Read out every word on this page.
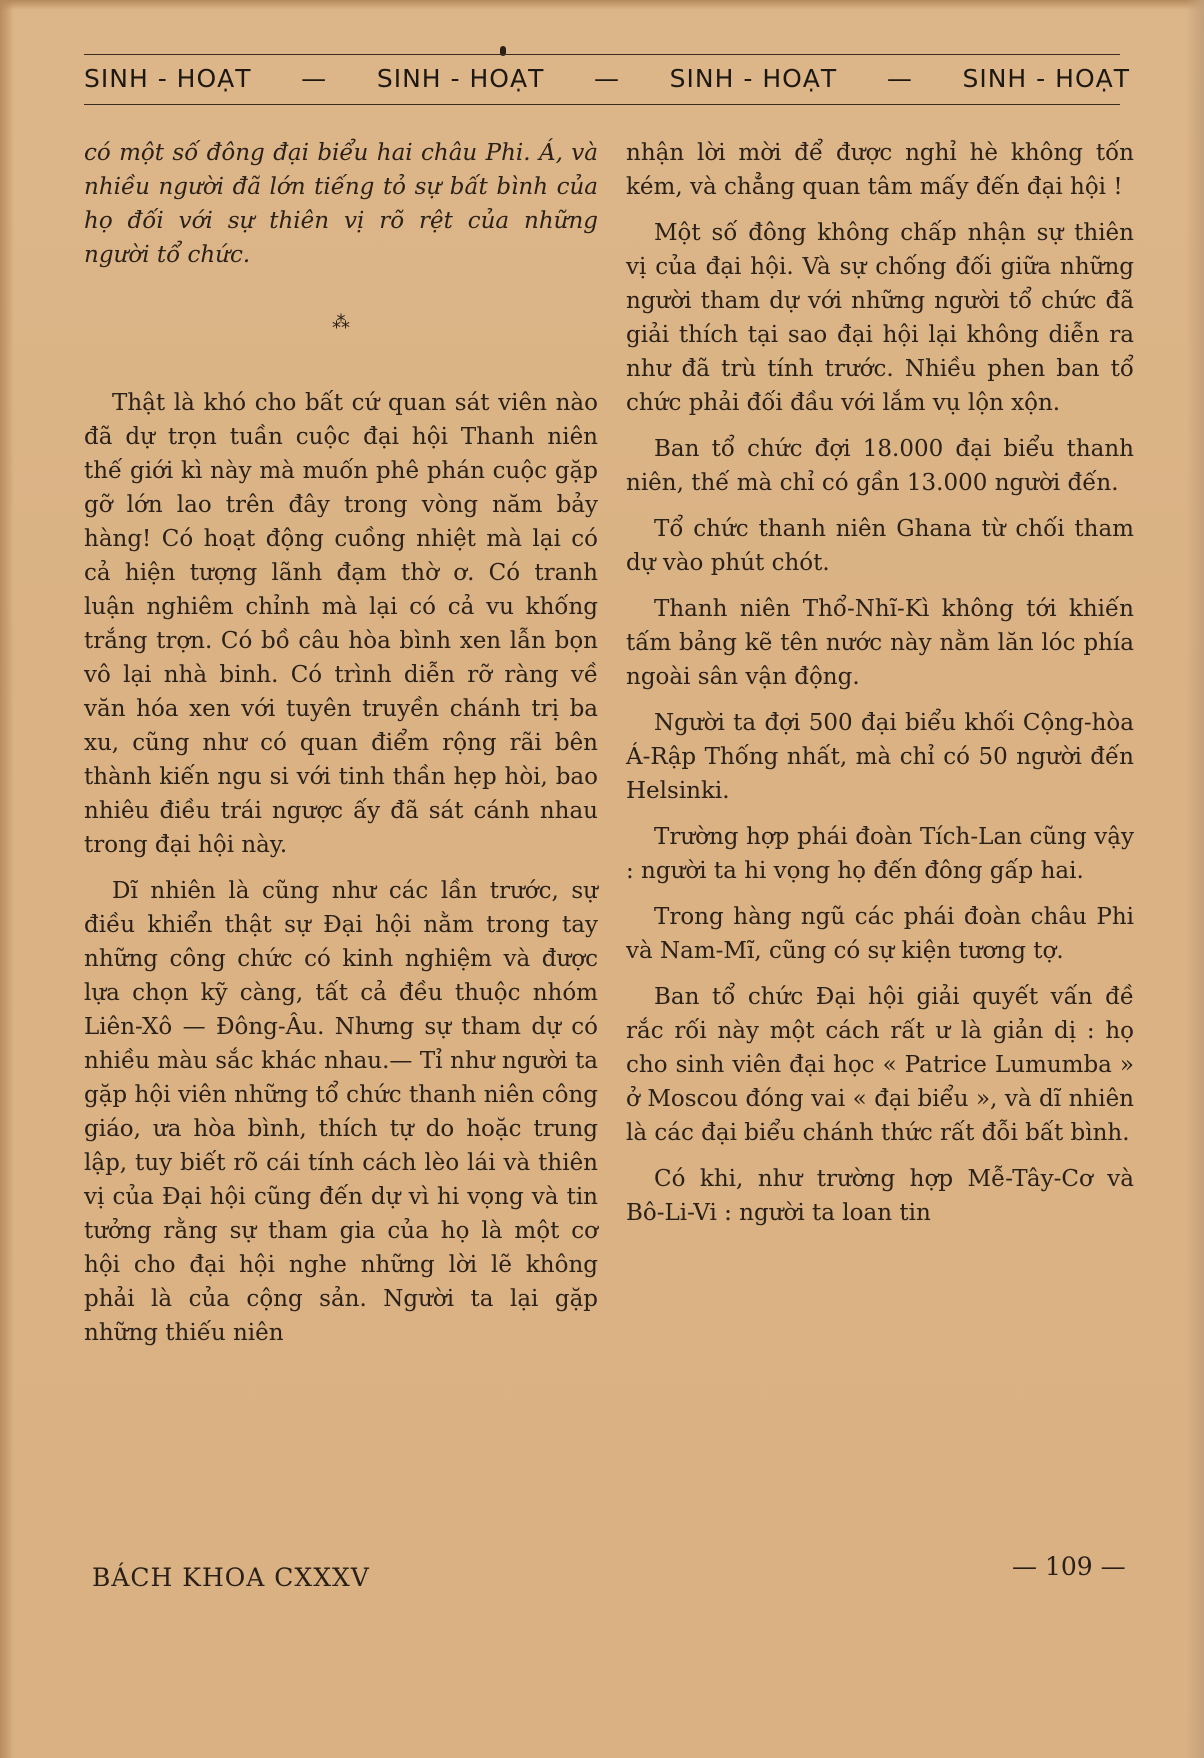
SINH - HOẠT — SINH - HOẠT — SINH - HOẠT — SINH - HOẠT

có một số đông đại biểu hai châu Phi. Á, và nhiều người đã lớn tiếng tỏ sự bất bình của họ đối với sự thiên vị rõ rệt của những người tổ chức.

⁂

Thật là khó cho bất cứ quan sát viên nào đã dự trọn tuần cuộc đại hội Thanh niên thế giới kì này mà muốn phê phán cuộc gặp gỡ lớn lao trên đây trong vòng năm bảy hàng! Có hoạt động cuồng nhiệt mà lại có cả hiện tượng lãnh đạm thờ ơ. Có tranh luận nghiêm chỉnh mà lại có cả vu khống trắng trợn. Có bồ câu hòa bình xen lẫn bọn vô lại nhà binh. Có trình diễn rỡ ràng về văn hóa xen với tuyên truyền chánh trị ba xu, cũng như có quan điểm rộng rãi bên thành kiến ngu si với tinh thần hẹp hòi, bao nhiêu điều trái ngược ấy đã sát cánh nhau trong đại hội này.

Dĩ nhiên là cũng như các lần trước, sự điều khiển thật sự Đại hội nằm trong tay những công chức có kinh nghiệm và được lựa chọn kỹ càng, tất cả đều thuộc nhóm Liên-Xô — Đông-Âu. Nhưng sự tham dự có nhiều màu sắc khác nhau.— Tỉ như người ta gặp hội viên những tổ chức thanh niên công giáo, ưa hòa bình, thích tự do hoặc trung lập, tuy biết rõ cái tính cách lèo lái và thiên vị của Đại hội cũng đến dự vì hi vọng và tin tưởng rằng sự tham gia của họ là một cơ hội cho đại hội nghe những lời lẽ không phải là của cộng sản. Người ta lại gặp những thiếu niên

nhận lời mời để được nghỉ hè không tốn kém, và chẳng quan tâm mấy đến đại hội !

Một số đông không chấp nhận sự thiên vị của đại hội. Và sự chống đối giữa những người tham dự với những người tổ chức đã giải thích tại sao đại hội lại không diễn ra như đã trù tính trước. Nhiều phen ban tổ chức phải đối đầu với lắm vụ lộn xộn.

Ban tổ chức đợi 18.000 đại biểu thanh niên, thế mà chỉ có gần 13.000 người đến.

Tổ chức thanh niên Ghana từ chối tham dự vào phút chót.

Thanh niên Thổ-Nhĩ-Kì không tới khiến tấm bảng kẽ tên nước này nằm lăn lóc phía ngoài sân vận động.

Người ta đợi 500 đại biểu khối Cộng-hòa Á-Rập Thống nhất, mà chỉ có 50 người đến Helsinki.

Trường hợp phái đoàn Tích-Lan cũng vậy : người ta hi vọng họ đến đông gấp hai.

Trong hàng ngũ các phái đoàn châu Phi và Nam-Mĩ, cũng có sự kiện tương tợ.

Ban tổ chức Đại hội giải quyết vấn đề rắc rối này một cách rất ư là giản dị : họ cho sinh viên đại học « Patrice Lumumba » ở Moscou đóng vai « đại biểu », và dĩ nhiên là các đại biểu chánh thức rất đỗi bất bình.

Có khi, như trường hợp Mễ-Tây-Cơ và Bô-Li-Vi : người ta loan tin

BÁCH KHOA CXXXV	— 109 —
